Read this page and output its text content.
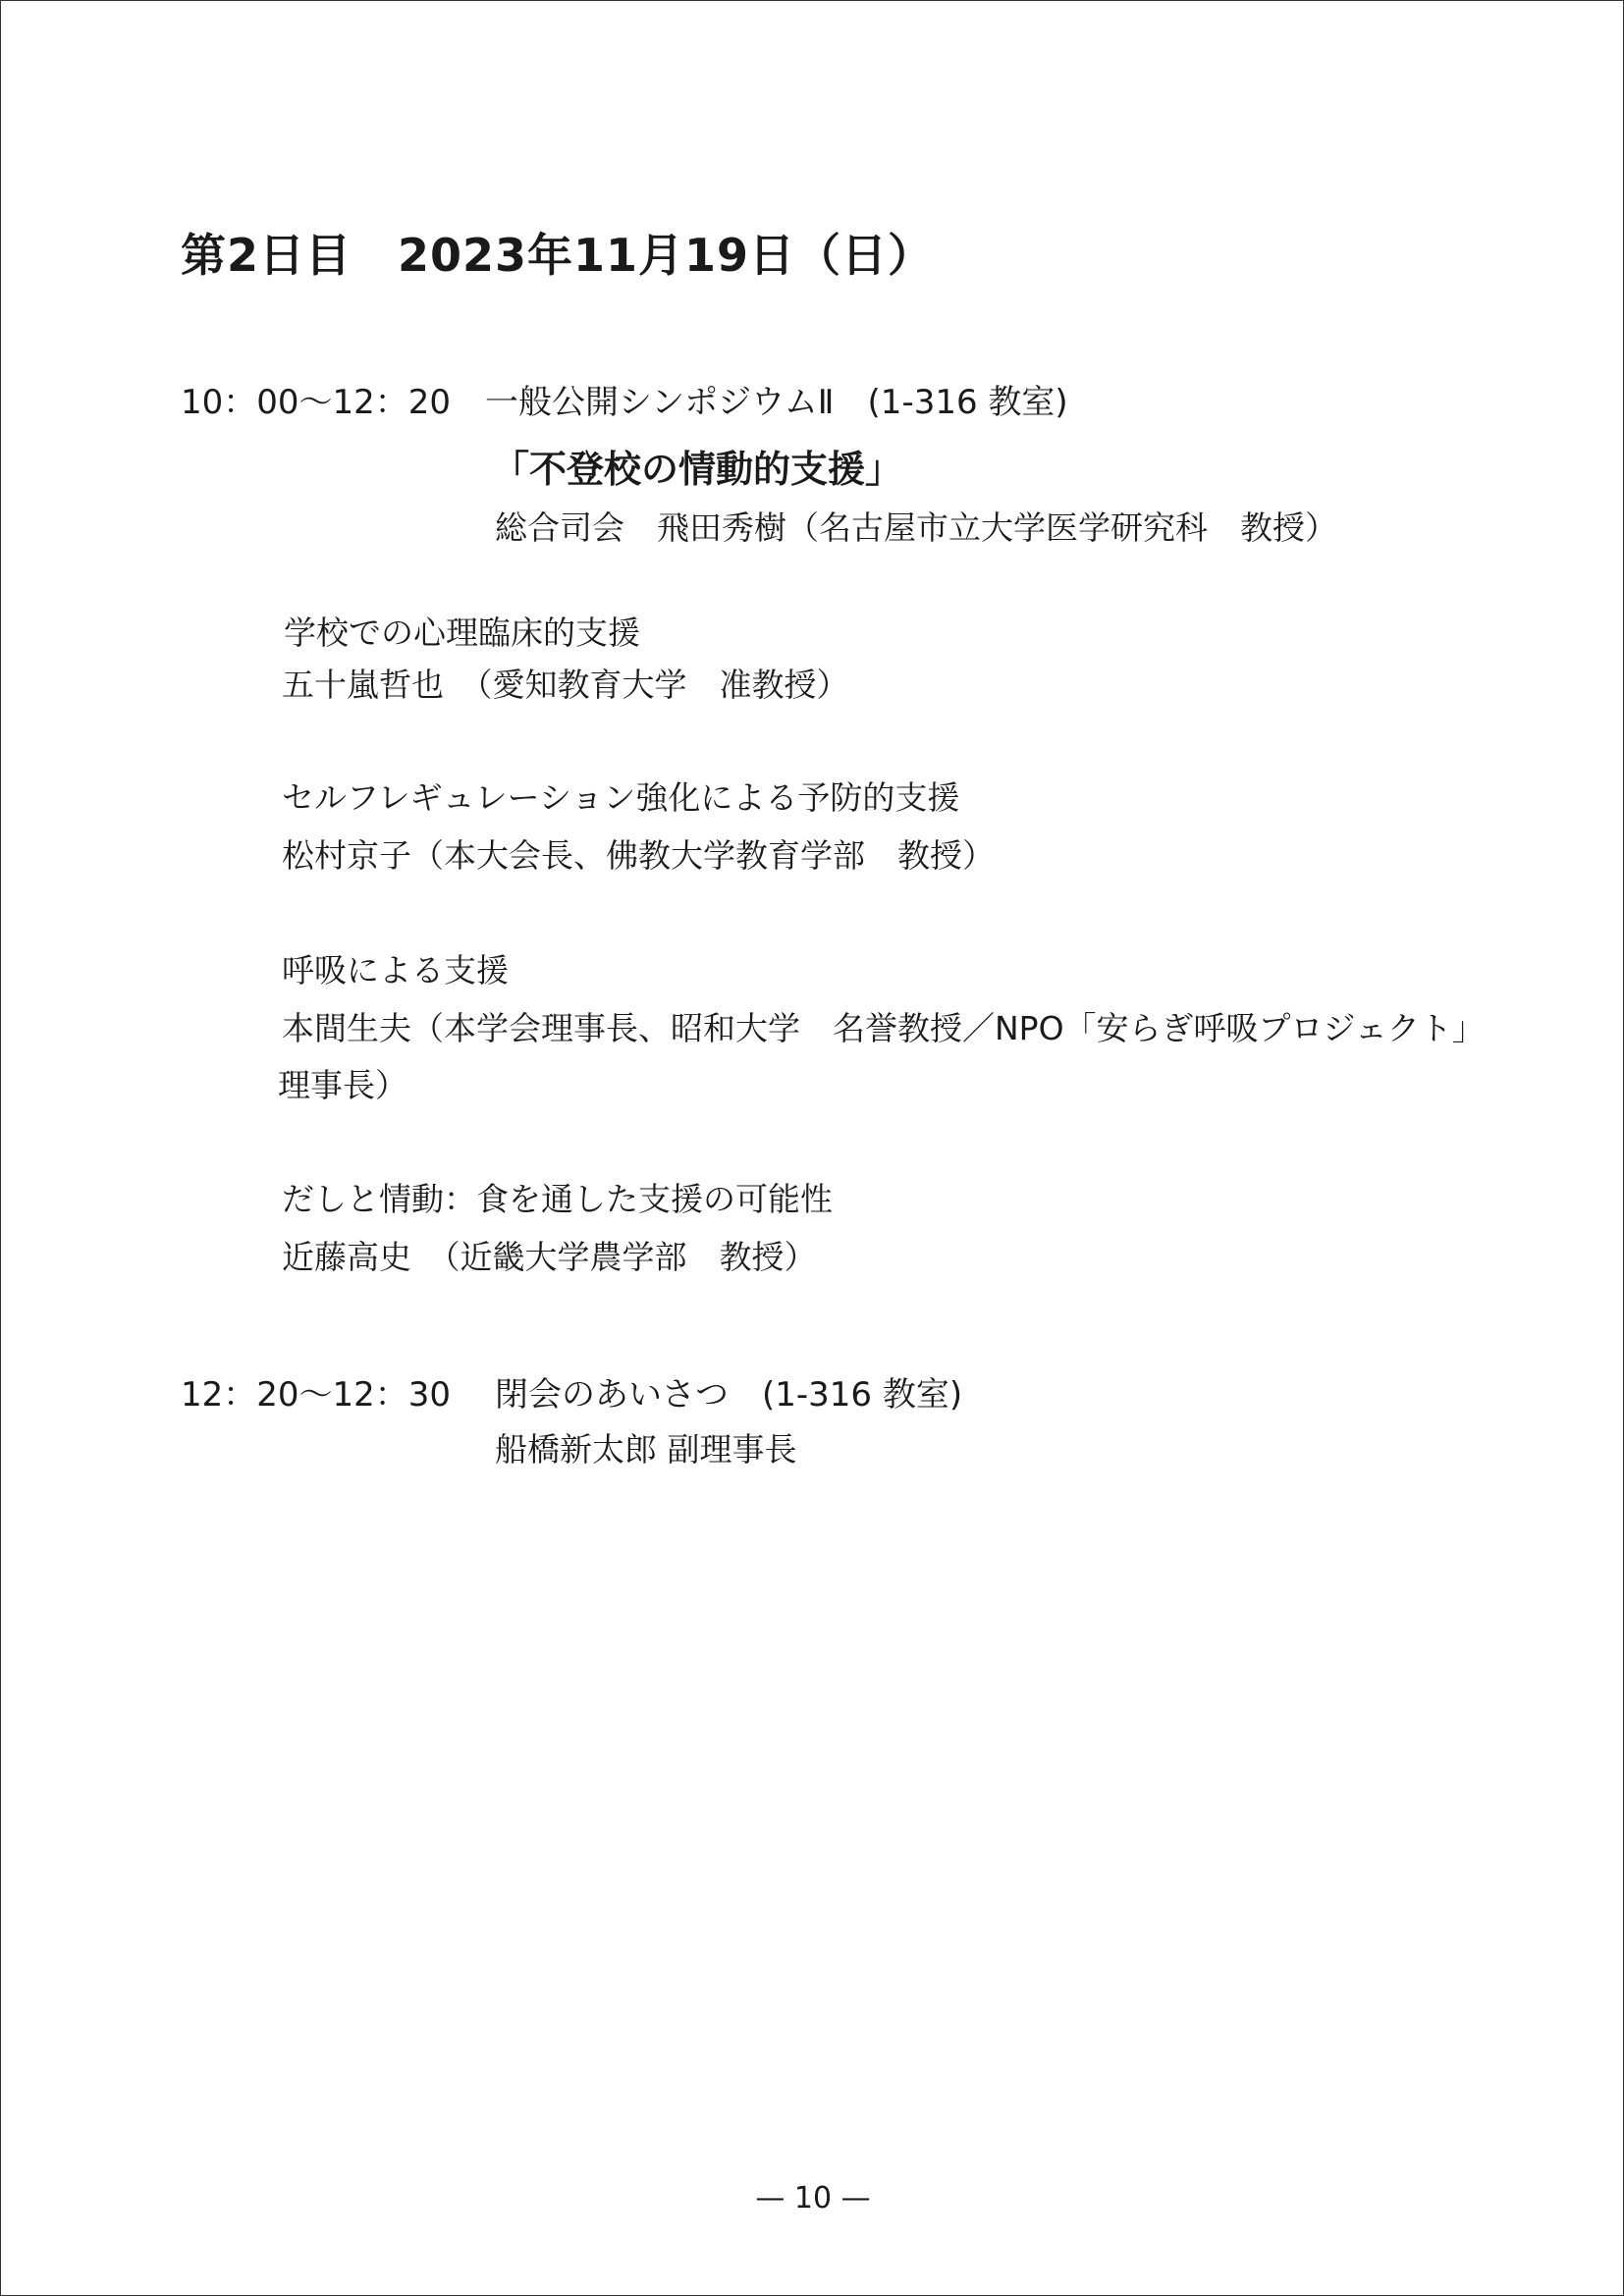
第2日目　2023年11月19日（日）
10：00〜12：20 一般公開シンポジウムⅡ　(1-316 教室)
「不登校の情動的支援」
総合司会　飛田秀樹（名古屋市立大学医学研究科　教授）
学校での心理臨床的支援
五十嵐哲也　（愛知教育大学　准教授）
セルフレギュレーション強化による予防的支援
松村京子（本大会長、佛教大学教育学部　教授）
呼吸による支援
本間生夫（本学会理事長、昭和大学　名誉教授／NPO「安らぎ呼吸プロジェクト」
理事長）
だしと情動：食を通した支援の可能性
近藤高史　（近畿大学農学部　教授）
12：20〜12：30 閉会のあいさつ　(1-316 教室)
船橋新太郎 副理事長
— 10 —
